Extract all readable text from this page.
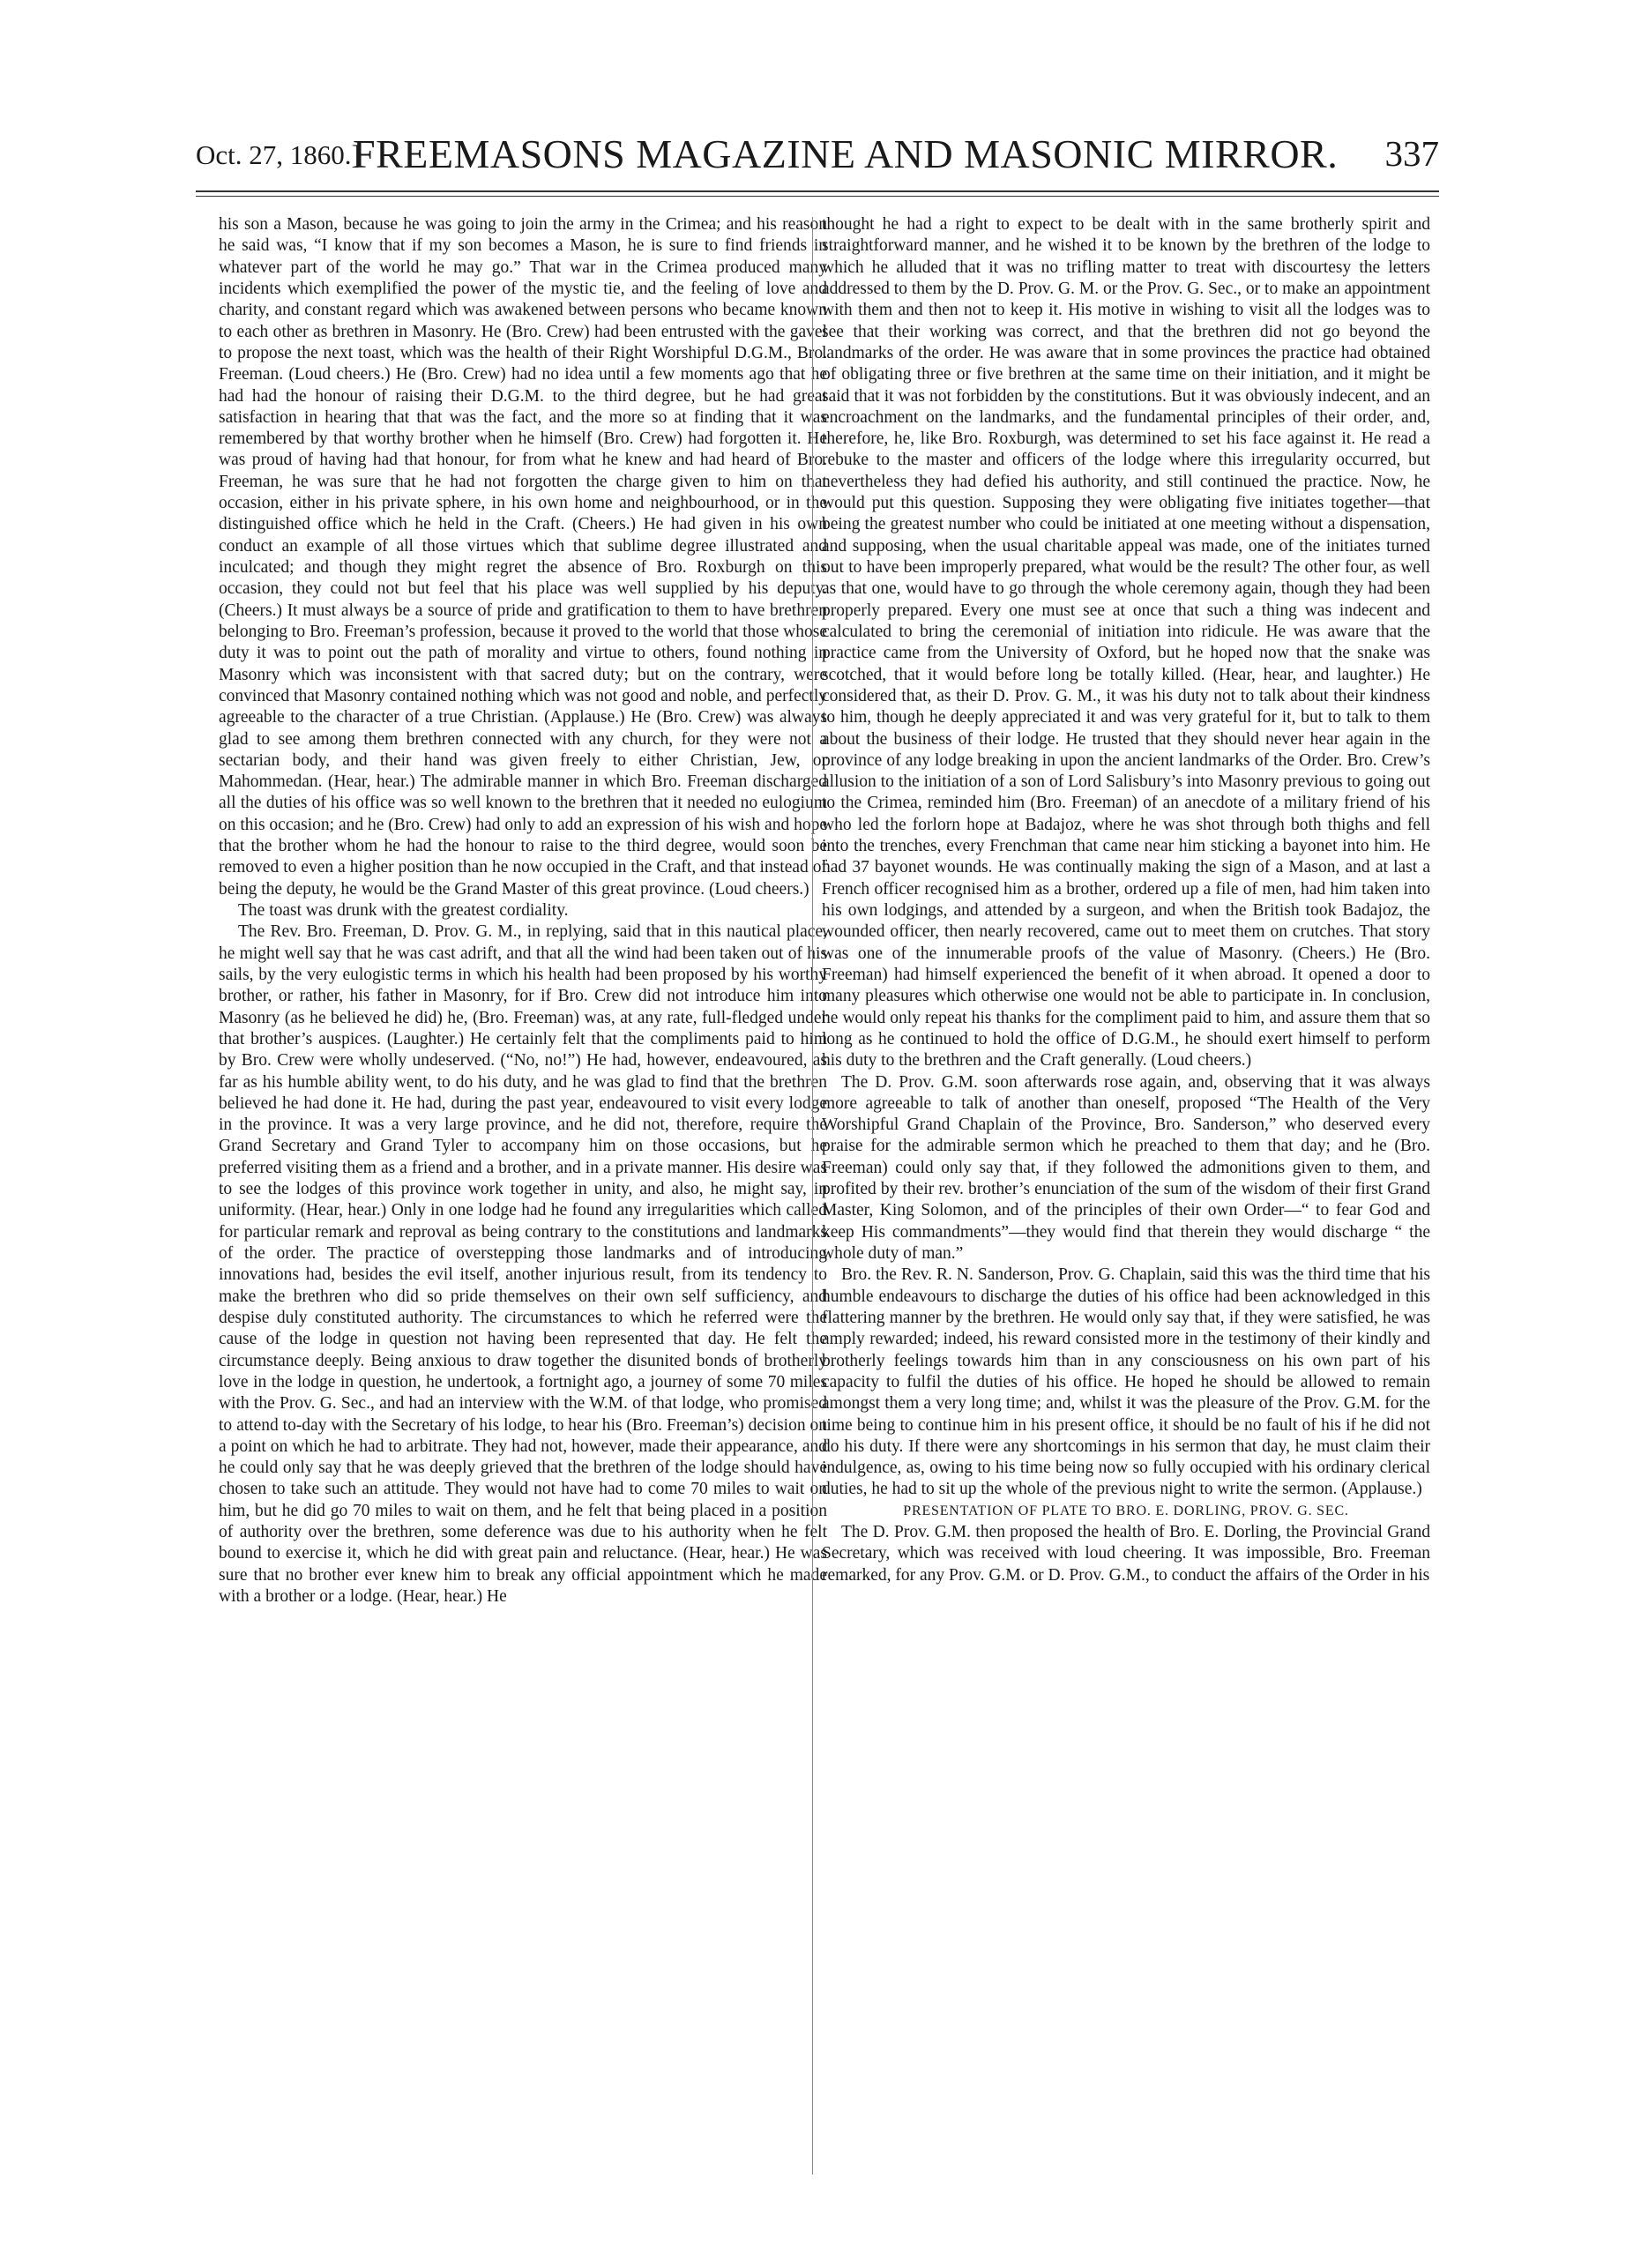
Oct. 27, 1860.]
FREEMASONS MAGAZINE AND MASONIC MIRROR. 337

his son a Mason, because he was going to join the army in the Crimea; and his reason he said was, “I know that if my son becomes a Mason, he is sure to find friends in whatever part of the world he may go.” That war in the Crimea produced many incidents which exemplified the power of the mystic tie, and the feeling of love and charity, and constant regard which was awakened between persons who became known to each other as brethren in Masonry. He (Bro. Crew) had been entrusted with the gavel to propose the next toast, which was the health of their Right Worshipful D.G.M., Bro. Freeman. (Loud cheers.) He (Bro. Crew) had no idea until a few moments ago that he had had the honour of raising their D.G.M. to the third degree, but he had great satisfaction in hearing that that was the fact, and the more so at finding that it was remembered by that worthy brother when he himself (Bro. Crew) had forgotten it. He was proud of having had that honour, for from what he knew and had heard of Bro. Freeman, he was sure that he had not forgotten the charge given to him on that occasion, either in his private sphere, in his own home and neighbourhood, or in the distinguished office which he held in the Craft. (Cheers.) He had given in his own conduct an example of all those virtues which that sublime degree illustrated and inculcated; and though they might regret the absence of Bro. Roxburgh on this occasion, they could not but feel that his place was well supplied by his deputy. (Cheers.) It must always be a source of pride and gratification to them to have brethren belonging to Bro. Freeman’s profession, because it proved to the world that those whose duty it was to point out the path of morality and virtue to others, found nothing in Masonry which was inconsistent with that sacred duty; but on the contrary, were convinced that Masonry contained nothing which was not good and noble, and perfectly agreeable to the character of a true Christian. (Applause.) He (Bro. Crew) was always glad to see among them brethren connected with any church, for they were not a sectarian body, and their hand was given freely to either Christian, Jew, or Mahommedan. (Hear, hear.) The admirable manner in which Bro. Freeman discharged all the duties of his office was so well known to the brethren that it needed no eulogium on this occasion; and he (Bro. Crew) had only to add an expression of his wish and hope that the brother whom he had the honour to raise to the third degree, would soon be removed to even a higher position than he now occupied in the Craft, and that instead of being the deputy, he would be the Grand Master of this great province. (Loud cheers.)

The toast was drunk with the greatest cordiality.

The Rev. Bro. Freeman, D. Prov. G. M., in replying, said that in this nautical place, he might well say that he was cast adrift, and that all the wind had been taken out of his sails, by the very eulogistic terms in which his health had been proposed by his worthy brother, or rather, his father in Masonry, for if Bro. Crew did not introduce him into Masonry (as he believed he did) he, (Bro. Freeman) was, at any rate, full-fledged under that brother’s auspices. (Laughter.) He certainly felt that the compliments paid to him by Bro. Crew were wholly undeserved. (“No, no!”) He had, however, endeavoured, as far as his humble ability went, to do his duty, and he was glad to find that the brethren believed he had done it. He had, during the past year, endeavoured to visit every lodge in the province. It was a very large province, and he did not, therefore, require the Grand Secretary and Grand Tyler to accompany him on those occasions, but he preferred visiting them as a friend and a brother, and in a private manner. His desire was to see the lodges of this province work together in unity, and also, he might say, in uniformity. (Hear, hear.) Only in one lodge had he found any irregularities which called for particular remark and reproval as being contrary to the constitutions and landmarks of the order. The practice of overstepping those landmarks and of introducing innovations had, besides the evil itself, another injurious result, from its tendency to make the brethren who did so pride themselves on their own self sufficiency, and despise duly constituted authority. The circumstances to which he referred were the cause of the lodge in question not having been represented that day. He felt the circumstance deeply. Being anxious to draw together the disunited bonds of brotherly love in the lodge in question, he undertook, a fortnight ago, a journey of some 70 miles with the Prov. G. Sec., and had an interview with the W.M. of that lodge, who promised to attend to-day with the Secretary of his lodge, to hear his (Bro. Freeman’s) decision on a point on which he had to arbitrate. They had not, however, made their appearance, and he could only say that he was deeply grieved that the brethren of the lodge should have chosen to take such an attitude. They would not have had to come 70 miles to wait on him, but he did go 70 miles to wait on them, and he felt that being placed in a position of authority over the brethren, some deference was due to his authority when he felt bound to exercise it, which he did with great pain and reluctance. (Hear, hear.) He was sure that no brother ever knew him to break any official appointment which he made with a brother or a lodge. (Hear, hear.) He

thought he had a right to expect to be dealt with in the same brotherly spirit and straightforward manner, and he wished it to be known by the brethren of the lodge to which he alluded that it was no trifling matter to treat with discourtesy the letters addressed to them by the D. Prov. G. M. or the Prov. G. Sec., or to make an appointment with them and then not to keep it. His motive in wishing to visit all the lodges was to see that their working was correct, and that the brethren did not go beyond the landmarks of the order. He was aware that in some provinces the practice had obtained of obligating three or five brethren at the same time on their initiation, and it might be said that it was not forbidden by the constitutions. But it was obviously indecent, and an encroachment on the landmarks, and the fundamental principles of their order, and, therefore, he, like Bro. Roxburgh, was determined to set his face against it. He read a rebuke to the master and officers of the lodge where this irregularity occurred, but nevertheless they had defied his authority, and still continued the practice. Now, he would put this question. Supposing they were obligating five initiates together—that being the greatest number who could be initiated at one meeting without a dispensation, and supposing, when the usual charitable appeal was made, one of the initiates turned out to have been improperly prepared, what would be the result? The other four, as well as that one, would have to go through the whole ceremony again, though they had been properly prepared. Every one must see at once that such a thing was indecent and calculated to bring the ceremonial of initiation into ridicule. He was aware that the practice came from the University of Oxford, but he hoped now that the snake was scotched, that it would before long be totally killed. (Hear, hear, and laughter.) He considered that, as their D. Prov. G. M., it was his duty not to talk about their kindness to him, though he deeply appreciated it and was very grateful for it, but to talk to them about the business of their lodge. He trusted that they should never hear again in the province of any lodge breaking in upon the ancient landmarks of the Order. Bro. Crew’s allusion to the initiation of a son of Lord Salisbury’s into Masonry previous to going out to the Crimea, reminded him (Bro. Freeman) of an anecdote of a military friend of his who led the forlorn hope at Badajoz, where he was shot through both thighs and fell into the trenches, every Frenchman that came near him sticking a bayonet into him. He had 37 bayonet wounds. He was continually making the sign of a Mason, and at last a French officer recognised him as a brother, ordered up a file of men, had him taken into his own lodgings, and attended by a surgeon, and when the British took Badajoz, the wounded officer, then nearly recovered, came out to meet them on crutches. That story was one of the innumerable proofs of the value of Masonry. (Cheers.) He (Bro. Freeman) had himself experienced the benefit of it when abroad. It opened a door to many pleasures which otherwise one would not be able to participate in. In conclusion, he would only repeat his thanks for the compliment paid to him, and assure them that so long as he continued to hold the office of D.G.M., he should exert himself to perform his duty to the brethren and the Craft generally. (Loud cheers.)

The D. Prov. G.M. soon afterwards rose again, and, observing that it was always more agreeable to talk of another than oneself, proposed “The Health of the Very Worshipful Grand Chaplain of the Province, Bro. Sanderson,” who deserved every praise for the admirable sermon which he preached to them that day; and he (Bro. Freeman) could only say that, if they followed the admonitions given to them, and profited by their rev. brother’s enunciation of the sum of the wisdom of their first Grand Master, King Solomon, and of the principles of their own Order—“ to fear God and keep His commandments”—they would find that therein they would discharge “ the whole duty of man.”

Bro. the Rev. R. N. Sanderson, Prov. G. Chaplain, said this was the third time that his humble endeavours to discharge the duties of his office had been acknowledged in this flattering manner by the brethren. He would only say that, if they were satisfied, he was amply rewarded; indeed, his reward consisted more in the testimony of their kindly and brotherly feelings towards him than in any consciousness on his own part of his capacity to fulfil the duties of his office. He hoped he should be allowed to remain amongst them a very long time; and, whilst it was the pleasure of the Prov. G.M. for the time being to continue him in his present office, it should be no fault of his if he did not do his duty. If there were any shortcomings in his sermon that day, he must claim their indulgence, as, owing to his time being now so fully occupied with his ordinary clerical duties, he had to sit up the whole of the previous night to write the sermon. (Applause.)

PRESENTATION OF PLATE TO BRO. E. DORLING, PROV. G. SEC.

The D. Prov. G.M. then proposed the health of Bro. E. Dorling, the Provincial Grand Secretary, which was received with loud cheering. It was impossible, Bro. Freeman remarked, for any Prov. G.M. or D. Prov. G.M., to conduct the affairs of the Order in his
